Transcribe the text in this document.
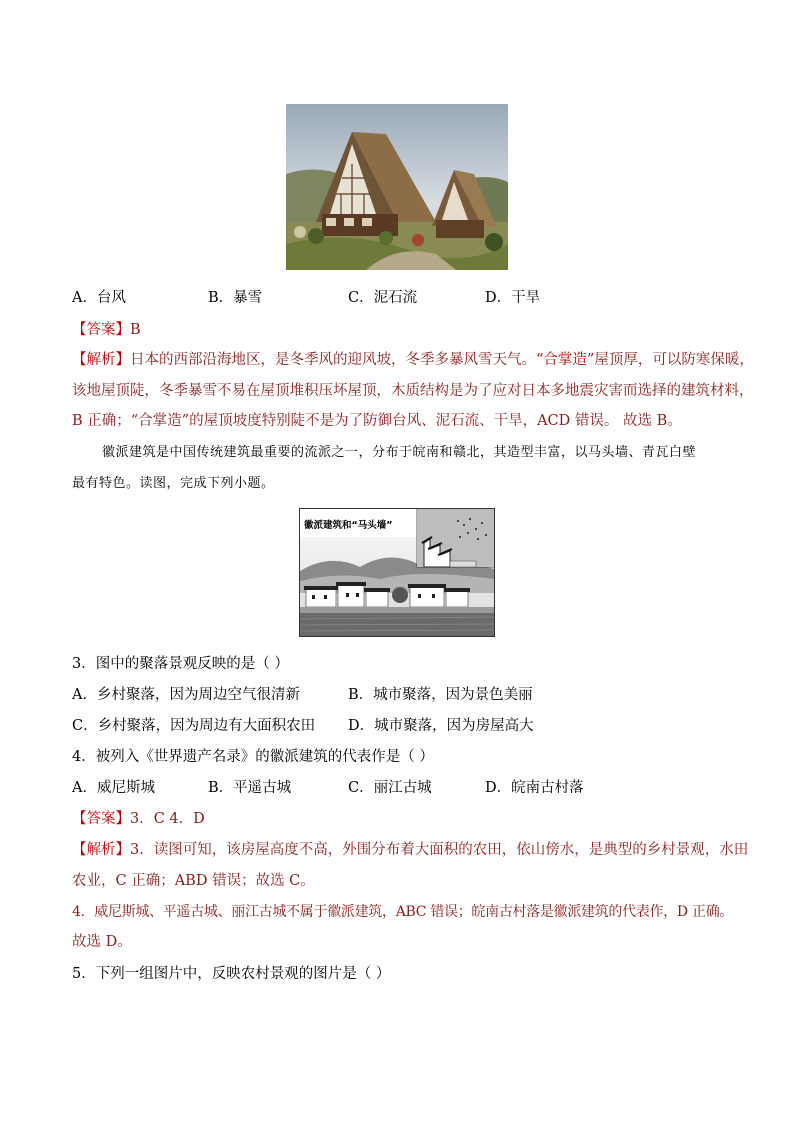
A．台风	B．暴雪	C．泥石流	D．干旱
【答案】B
【解析】日本的西部沿海地区，是冬季风的迎风坡，冬季多暴风雪天气。“合掌造”屋顶厚，可以防寒保暖，
该地屋顶陡，冬季暴雪不易在屋顶堆积压坏屋顶，木质结构是为了应对日本多地震灾害而选择的建筑材料，
B 正确；“合掌造”的屋顶坡度特别陡不是为了防御台风、泥石流、干旱，ACD 错误。 故选 B。
徽派建筑是中国传统建筑最重要的流派之一，分布于皖南和赣北，其造型丰富，以马头墙、青瓦白壁
最有特色。读图，完成下列小题。
徽派建筑和“马头墙”
3．图中的聚落景观反映的是（ ）
A．乡村聚落，因为周边空气很清新	B．城市聚落，因为景色美丽
C．乡村聚落，因为周边有大面积农田 D．城市聚落，因为房屋高大
4．被列入《世界遗产名录》的徽派建筑的代表作是（ ）
A．威尼斯城	B．平遥古城	C．丽江古城	D．皖南古村落
【答案】3．C 4．D
【解析】3．读图可知，该房屋高度不高，外围分布着大面积的农田，依山傍水，是典型的乡村景观，水田
农业，C 正确；ABD 错误；故选 C。
4．威尼斯城、平遥古城、丽江古城不属于徽派建筑，ABC 错误；皖南古村落是徽派建筑的代表作，D 正确。
故选 D。
5．下列一组图片中，反映农村景观的图片是（ ）
